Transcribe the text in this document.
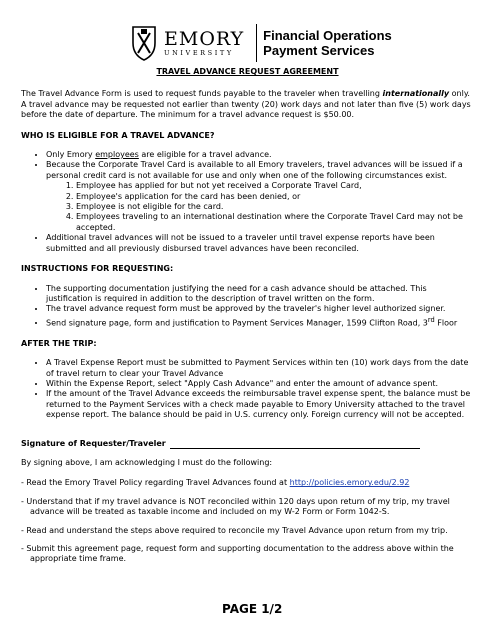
EMORY
UNIVERSITY
Financial Operations
Payment Services
TRAVEL ADVANCE REQUEST AGREEMENT

The Travel Advance Form is used to request funds payable to the traveler when travelling internationally only. A travel advance may be requested not earlier than twenty (20) work days and not later than five (5) work days before the date of departure. The minimum for a travel advance request is $50.00.

WHO IS ELIGIBLE FOR A TRAVEL ADVANCE?
• Only Emory employees are eligible for a travel advance.
• Because the Corporate Travel Card is available to all Emory travelers, travel advances will be issued if a personal credit card is not available for use and only when one of the following circumstances exist.
1. Employee has applied for but not yet received a Corporate Travel Card,
2. Employee's application for the card has been denied, or
3. Employee is not eligible for the card.
4. Employees traveling to an international destination where the Corporate Travel Card may not be accepted.
• Additional travel advances will not be issued to a traveler until travel expense reports have been submitted and all previously disbursed travel advances have been reconciled.
INSTRUCTIONS FOR REQUESTING:
• The supporting documentation justifying the need for a cash advance should be attached. This justification is required in addition to the description of travel written on the form.
• The travel advance request form must be approved by the traveler's higher level authorized signer.
• Send signature page, form and justification to Payment Services Manager, 1599 Clifton Road, 3rd Floor
AFTER THE TRIP:
• A Travel Expense Report must be submitted to Payment Services within ten (10) work days from the date of travel return to clear your Travel Advance
• Within the Expense Report, select "Apply Cash Advance" and enter the amount of advance spent.
• If the amount of the Travel Advance exceeds the reimbursable travel expense spent, the balance must be returned to the Payment Services with a check made payable to Emory University attached to the travel expense report. The balance should be paid in U.S. currency only. Foreign currency will not be accepted.
Signature of Requester/Traveler

By signing above, I am acknowledging I must do the following:

- Read the Emory Travel Policy regarding Travel Advances found at http://policies.emory.edu/2.92

- Understand that if my travel advance is NOT reconciled within 120 days upon return of my trip, my travel advance will be treated as taxable income and included on my W-2 Form or Form 1042-S.

- Read and understand the steps above required to reconcile my Travel Advance upon return from my trip.

- Submit this agreement page, request form and supporting documentation to the address above within the appropriate time frame.

PAGE 1/2
